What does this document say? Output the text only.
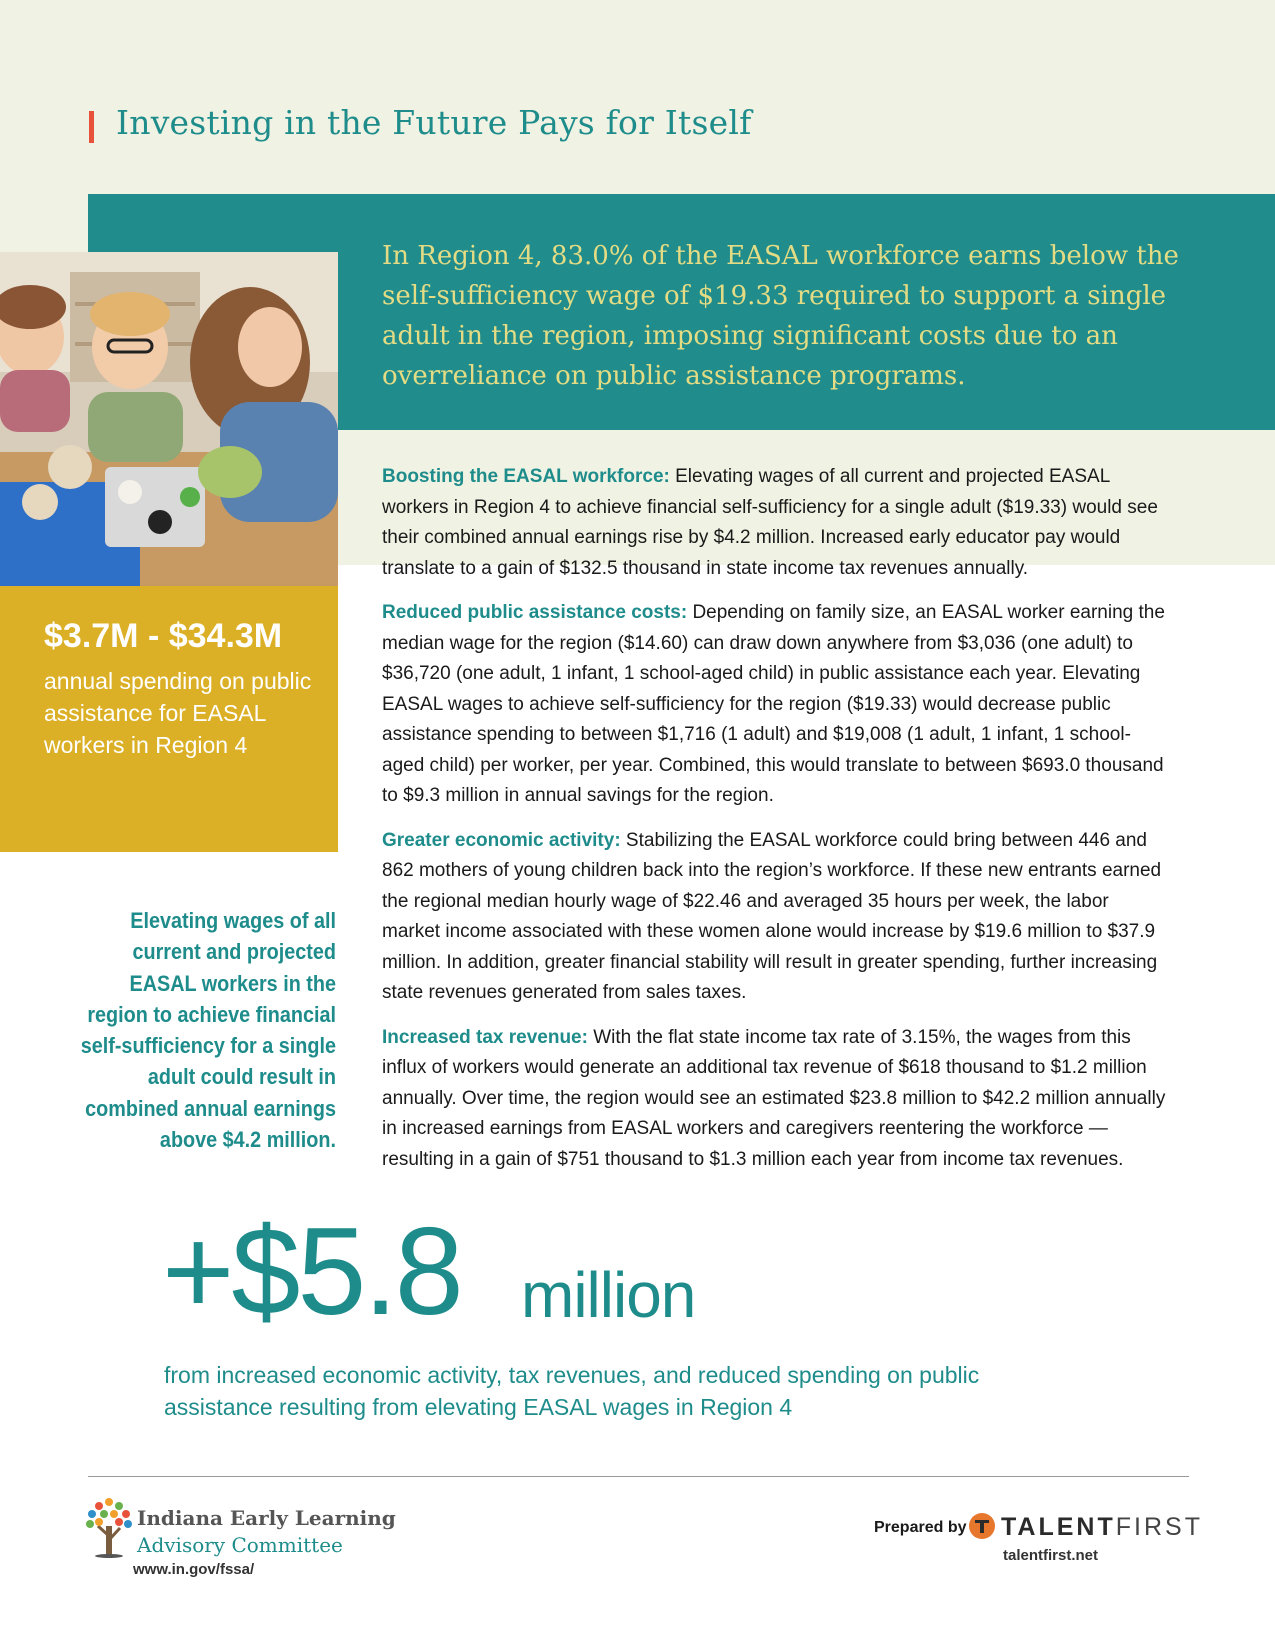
Investing in the Future Pays for Itself
In Region 4, 83.0% of the EASAL workforce earns below the self-sufficiency wage of $19.33 required to support a single adult in the region, imposing significant costs due to an overreliance on public assistance programs.
$3.7M - $34.3M
annual spending on public assistance for EASAL workers in Region 4
Elevating wages of all current and projected EASAL workers in the region to achieve financial self-sufficiency for a single adult could result in combined annual earnings above $4.2 million.

Boosting the EASAL workforce: Elevating wages of all current and projected EASAL workers in Region 4 to achieve financial self-sufficiency for a single adult ($19.33) would see their combined annual earnings rise by $4.2 million. Increased early educator pay would translate to a gain of $132.5 thousand in state income tax revenues annually.

Reduced public assistance costs: Depending on family size, an EASAL worker earning the median wage for the region ($14.60) can draw down anywhere from $3,036 (one adult) to $36,720 (one adult, 1 infant, 1 school-aged child) in public assistance each year. Elevating EASAL wages to achieve self-sufficiency for the region ($19.33) would decrease public assistance spending to between $1,716 (1 adult) and $19,008 (1 adult, 1 infant, 1 school-aged child) per worker, per year. Combined, this would translate to between $693.0 thousand to $9.3 million in annual savings for the region.

Greater economic activity: Stabilizing the EASAL workforce could bring between 446 and 862 mothers of young children back into the region’s workforce. If these new entrants earned the regional median hourly wage of $22.46 and averaged 35 hours per week, the labor market income associated with these women alone would increase by $19.6 million to $37.9 million. In addition, greater financial stability will result in greater spending, further increasing state revenues generated from sales taxes.

Increased tax revenue: With the flat state income tax rate of 3.15%, the wages from this influx of workers would generate an additional tax revenue of $618 thousand to $1.2 million annually. Over time, the region would see an estimated $23.8 million to $42.2 million annually in increased earnings from EASAL workers and caregivers reentering the workforce — resulting in a gain of $751 thousand to $1.3 million each year from income tax revenues.

+$5.8 million
from increased economic activity, tax revenues, and reduced spending on public assistance resulting from elevating EASAL wages in Region 4
Indiana Early Learning
Advisory Committee
www.in.gov/fssa/
Prepared by TALENTFIRST
talentfirst.net
